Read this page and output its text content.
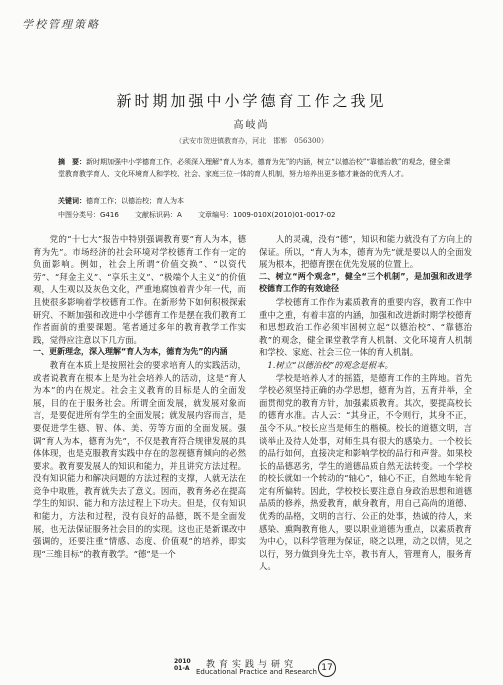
学校管理策略
新时期加强中小学德育工作之我见
高岐尚
（武安市贺进镇教育办，河北　邯郸　056300）
摘　要：新时期加强中小学德育工作，必须深入理解“育人为本，德育为先”的内涵，树立“以德治校”“靠德治教”的观念，健全课堂教育教学育人、文化环境育人和学校、社会、家庭三位一体的育人机制，努力培养出更多德才兼备的优秀人才。
关键词：德育工作；以德治校；育人为本
中图分类号：G416 文献标识码：A 文章编号：1009-010X(2010)01-0017-02

党的“十七大”报告中特别强调教育要“育人为本，德育为先”。市场经济的社会环境对学校德育工作有一定的负面影响。例如，社会上所谓“价值交换”、“以资代劳”、“拜金主义”、“享乐主义”、“极端个人主义”的价值观，人生观以及灰色文化，严重地腐蚀着青少年一代，而且使很多影响着学校德育工作。在新形势下如何积极探索研究、不断加强和改进中小学德育工作是摆在我们教育工作者面前的重要课题。笔者通过多年的教育教学工作实践，觉得应注意以下几方面。

一、更新理念，深入理解“育人为本，德育为先”的内涵

教育在本质上是按照社会的要求培育人的实践活动，或者说教育在根本上是为社会培养人的活动，这是“育人为本”的内在规定。社会主义教育的目标是人的全面发展，目的在于服务社会。所谓全面发展，就发展对象而言，是要促进所有学生的全面发展；就发展内容而言，是要促进学生德、智、体、美、劳等方面的全面发展。强调“育人为本，德育为先”，不仅是教育符合规律发展的具体体现，也是克服教育实践中存在的忽视德育倾向的必然要求。教育要发展人的知识和能力，并且讲究方法过程。没有知识能力和解决问题的方法过程的支撑，人就无法在竞争中取胜，教育就失去了意义。因而，教育务必在提高学生的知识、能力和方法过程上下功夫。但是，仅有知识和能力，方法和过程，没有良好的品德，既不是全面发展，也无法保证服务社会目的的实现。这也正是新课改中强调的，还要注重“情感、态度、价值观”的培养，即实现“三维目标”的教育教学。“德”是一个

人的灵魂，没有“德”，知识和能力就没有了方向上的保证。所以，“育人为本，德育为先”就是要以人的全面发展为根本，把德育摆在优先发展的位置上。

二、树立“两个观念”，健全“三个机制”，是加强和改进学校德育工作的有效途径

学校德育工作作为素质教育的重要内容，教育工作中重中之重，有着丰富的内涵，加强和改进新时期学校德育和思想政治工作必须牢固树立起“以德治校”、“靠德治教”的观念，健全课堂教学育人机制、文化环境育人机制和学校、家庭、社会三位一体的育人机制。

1.树立“以德治校”的观念是根本。

学校是培养人才的摇篮，是德育工作的主阵地。首先学校必须坚持正确的办学思想，德育为首，五育并举，全面贯彻党的教育方针，加强素质教育。其次，要提高校长的德育水准。古人云：“其身正，不令则行，其身不正，虽令不从。”校长应当是师生的楷模。校长的道德文明，言谈举止及待人处事，对师生具有很大的感染力。一个校长的品行如何，直接决定和影响学校的品行和声誉。如果校长的品德恶劣，学生的道德品质自然无法转变。一个学校的校长就如一个转动的“轴心”，轴心不正，自然地车轮肯定有所偏转。因此，学校校长要注意自身政治思想和道德品质的修养，热爱教育，献身教育，用自己高尚的道德、优秀的品格，文明的言行、公正的处事，热诚的待人，来感染、熏陶教育他人，要以职业道德为重点，以素质教育为中心，以科学管理为保证，晓之以理，动之以情，见之以行，努力做到身先士卒，教书育人，管理育人，服务育人。

2010
01-A 教育实践与研究
Educational Practice and Research 17
